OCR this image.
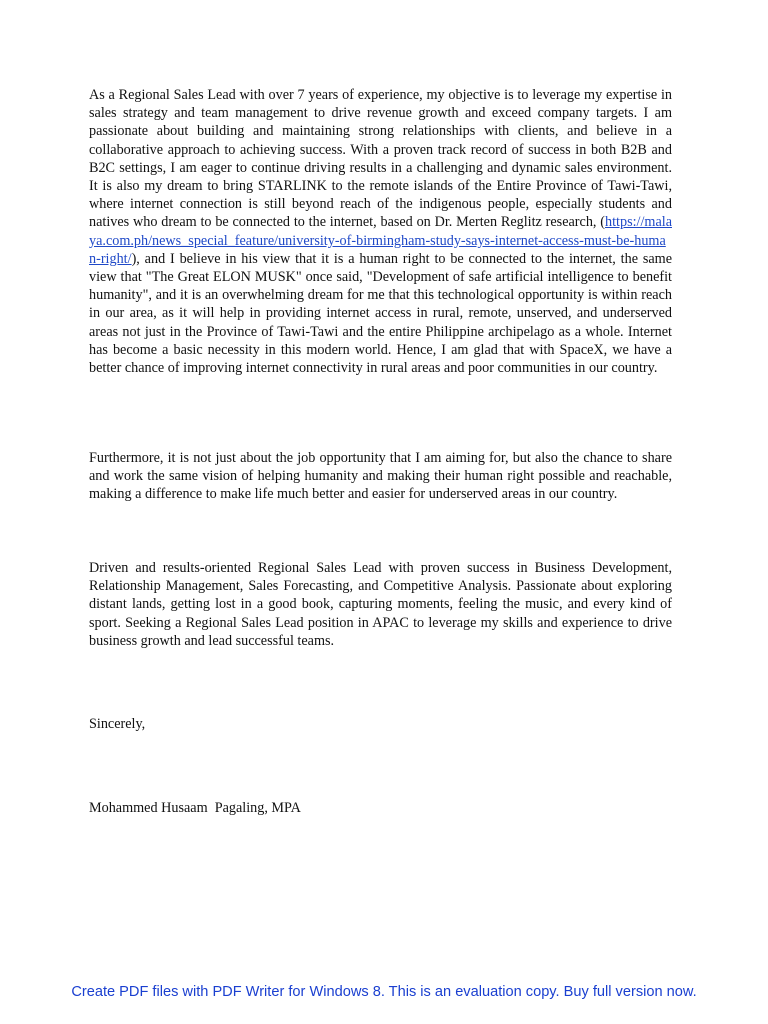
As a Regional Sales Lead with over 7 years of experience, my objective is to leverage my expertise in sales strategy and team management to drive revenue growth and exceed company targets. I am passionate about building and maintaining strong relationships with clients, and believe in a collaborative approach to achieving success. With a proven track record of success in both B2B and B2C settings, I am eager to continue driving results in a challenging and dynamic sales environment. It is also my dream to bring STARLINK to the remote islands of the Entire Province of Tawi-Tawi, where internet connection is still beyond reach of the indigenous people, especially students and natives who dream to be connected to the internet, based on Dr. Merten Reglitz research, (https://malaya.com.ph/news_special_feature/university-of-birmingham-study-says-internet-access-must-be-human-right/), and I believe in his view that it is a human right to be connected to the internet, the same view that "The Great ELON MUSK" once said, "Development of safe artificial intelligence to benefit humanity", and it is an overwhelming dream for me that this technological opportunity is within reach in our area, as it will help in providing internet access in rural, remote, unserved, and underserved areas not just in the Province of Tawi-Tawi and the entire Philippine archipelago as a whole. Internet has become a basic necessity in this modern world. Hence, I am glad that with SpaceX, we have a better chance of improving internet connectivity in rural areas and poor communities in our country.

Furthermore, it is not just about the job opportunity that I am aiming for, but also the chance to share and work the same vision of helping humanity and making their human right possible and reachable, making a difference to make life much better and easier for underserved areas in our country.

Driven and results-oriented Regional Sales Lead with proven success in Business Development, Relationship Management, Sales Forecasting, and Competitive Analysis. Passionate about exploring distant lands, getting lost in a good book, capturing moments, feeling the music, and every kind of sport. Seeking a Regional Sales Lead position in APAC to leverage my skills and experience to drive business growth and lead successful teams.

Sincerely,

Mohammed Husaam  Pagaling, MPA

Create PDF files with PDF Writer for Windows 8. This is an evaluation copy. Buy full version now.
